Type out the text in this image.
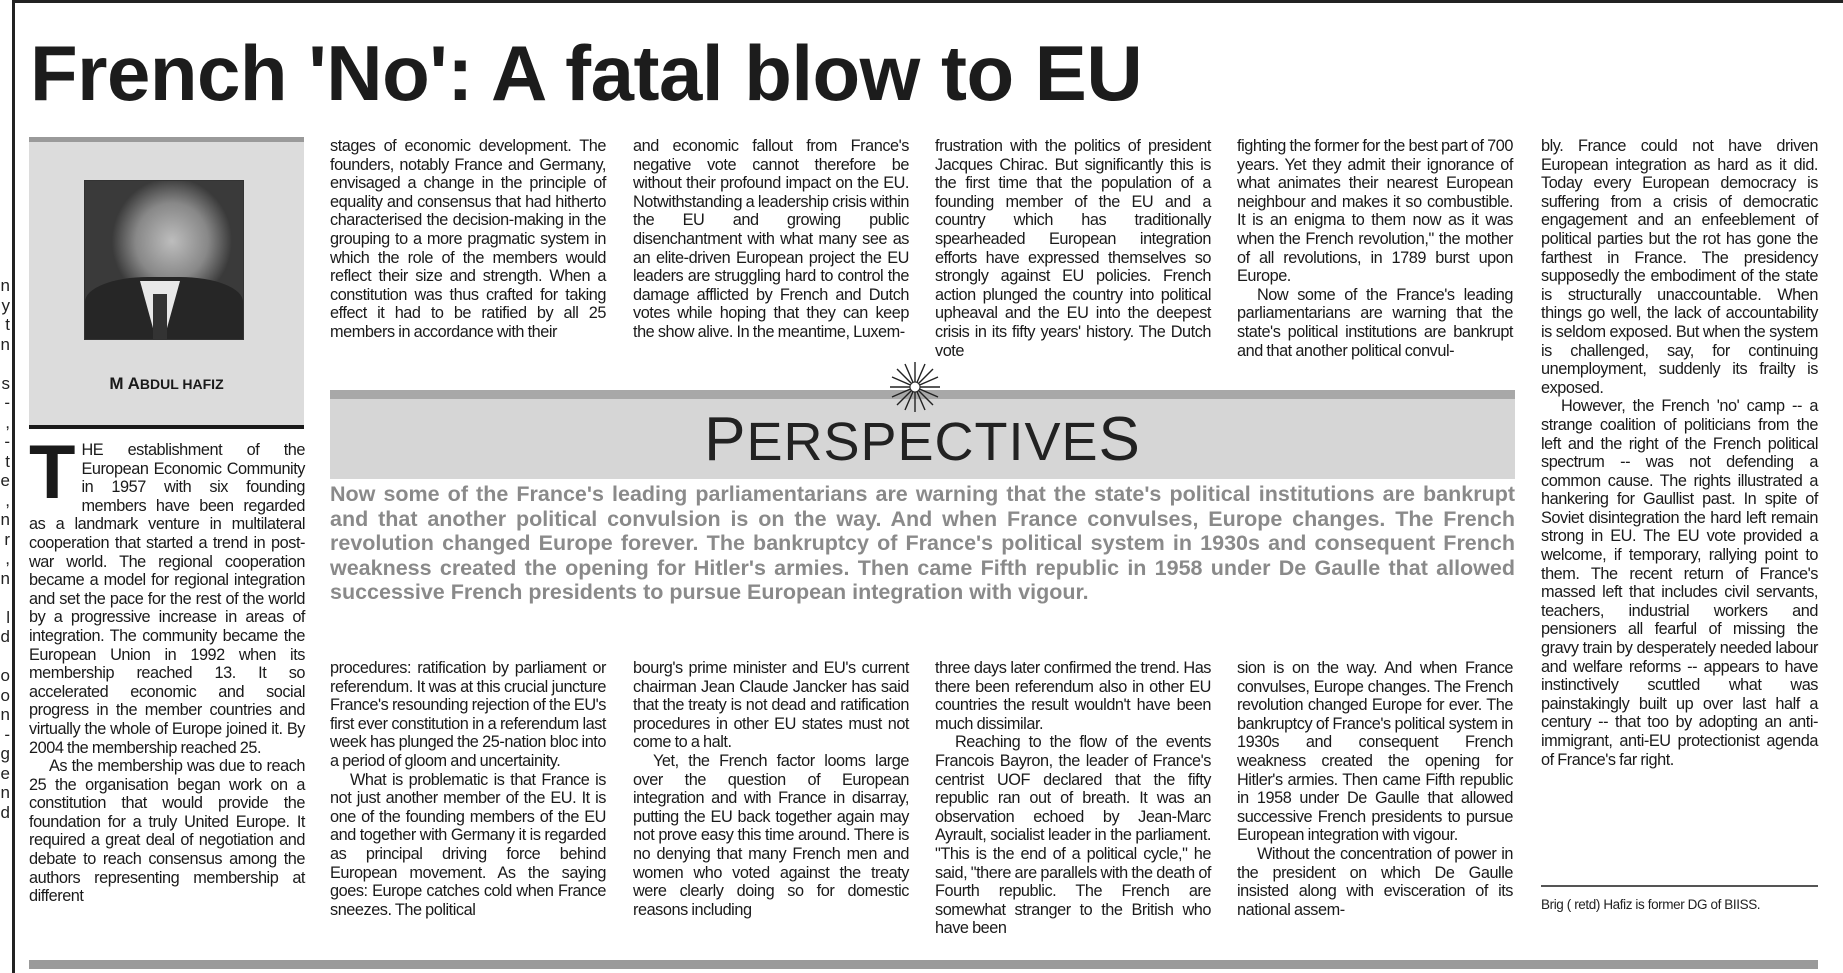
n
y
t
n
s
-
,
-
t
e
,
n
r
,
n
l
d
o
o
n
-
g
e
n
d
French 'No': A fatal blow to EU
M ABDUL HAFIZ

THE establishment of the European Economic Community in 1957 with six founding members have been regarded as a landmark venture in multilateral cooperation that started a trend in post-war world. The regional cooperation became a model for regional integration and set the pace for the rest of the world by a progressive increase in areas of integration. The community became the European Union in 1992 when its membership reached 13. It so accelerated economic and social progress in the member countries and virtually the whole of Europe joined it. By 2004 the membership reached 25.

As the membership was due to reach 25 the organisation began work on a constitution that would provide the foundation for a truly United Europe. It required a great deal of negotiation and debate to reach consensus among the authors representing membership at different

stages of economic development. The founders, notably France and Germany, envisaged a change in the principle of equality and consensus that had hitherto characterised the decision-making in the grouping to a more pragmatic system in which the role of the members would reflect their size and strength. When a constitution was thus crafted for taking effect it had to be ratified by all 25 members in accordance with their

and economic fallout from France's negative vote cannot therefore be without their profound impact on the EU. Notwithstanding a leadership crisis within the EU and growing public disenchantment with what many see as an elite-driven European project the EU leaders are struggling hard to control the damage afflicted by French and Dutch votes while hoping that they can keep the show alive. In the meantime, Luxem-

frustration with the politics of president Jacques Chirac. But significantly this is the first time that the population of a founding member of the EU and a country which has traditionally spearheaded European integration efforts have expressed themselves so strongly against EU policies. French action plunged the country into political upheaval and the EU into the deepest crisis in its fifty years' history. The Dutch vote

fighting the former for the best part of 700 years. Yet they admit their ignorance of what animates their nearest European neighbour and makes it so combustible. It is an enigma to them now as it was when the French revolution," the mother of all revolutions, in 1789 burst upon Europe.

Now some of the France's leading parliamentarians are warning that the state's political institutions are bankrupt and that another political convul-

PERSPECTIVES
Now some of the France's leading parliamentarians are warning that the state's political institutions are bankrupt and that another political convulsion is on the way. And when France convulses, Europe changes. The French revolution changed Europe forever. The bankruptcy of France's political system in 1930s and consequent French weakness created the opening for Hitler's armies. Then came Fifth republic in 1958 under De Gaulle that allowed successive French presidents to pursue European integration with vigour.

procedures: ratification by parliament or referendum. It was at this crucial juncture France's resounding rejection of the EU's first ever constitution in a referendum last week has plunged the 25-nation bloc into a period of gloom and uncertainity.

What is problematic is that France is not just another member of the EU. It is one of the founding members of the EU and together with Germany it is regarded as principal driving force behind European movement. As the saying goes: Europe catches cold when France sneezes. The political

bourg's prime minister and EU's current chairman Jean Claude Jancker has said that the treaty is not dead and ratification procedures in other EU states must not come to a halt.

Yet, the French factor looms large over the question of European integration and with France in disarray, putting the EU back together again may not prove easy this time around. There is no denying that many French men and women who voted against the treaty were clearly doing so for domestic reasons including

three days later confirmed the trend. Has there been referendum also in other EU countries the result wouldn't have been much dissimilar.

Reaching to the flow of the events Francois Bayron, the leader of France's centrist UOF declared that the fifty republic ran out of breath. It was an observation echoed by Jean-Marc Ayrault, socialist leader in the parliament. "This is the end of a political cycle," he said, "there are parallels with the death of Fourth republic. The French are somewhat stranger to the British who have been

sion is on the way. And when France convulses, Europe changes. The French revolution changed Europe for ever. The bankruptcy of France's political system in 1930s and consequent French weakness created the opening for Hitler's armies. Then came Fifth republic in 1958 under De Gaulle that allowed successive French presidents to pursue European integration with vigour.

Without the concentration of power in the president on which De Gaulle insisted along with evisceration of its national assem-

bly. France could not have driven European integration as hard as it did. Today every European democracy is suffering from a crisis of democratic engagement and an enfeeblement of political parties but the rot has gone the farthest in France. The presidency supposedly the embodiment of the state is structurally unaccountable. When things go well, the lack of accountability is seldom exposed. But when the system is challenged, say, for continuing unemployment, suddenly its frailty is exposed.

However, the French 'no' camp -- a strange coalition of politicians from the left and the right of the French political spectrum -- was not defending a common cause. The rights illustrated a hankering for Gaullist past. In spite of Soviet disintegration the hard left remain strong in EU. The EU vote provided a welcome, if temporary, rallying point to them. The recent return of France's massed left that includes civil servants, teachers, industrial workers and pensioners all fearful of missing the gravy train by desperately needed labour and welfare reforms -- appears to have instinctively scuttled what was painstakingly built up over last half a century -- that too by adopting an anti-immigrant, anti-EU protectionist agenda of France's far right.

Brig ( retd) Hafiz is former DG of BIISS.
